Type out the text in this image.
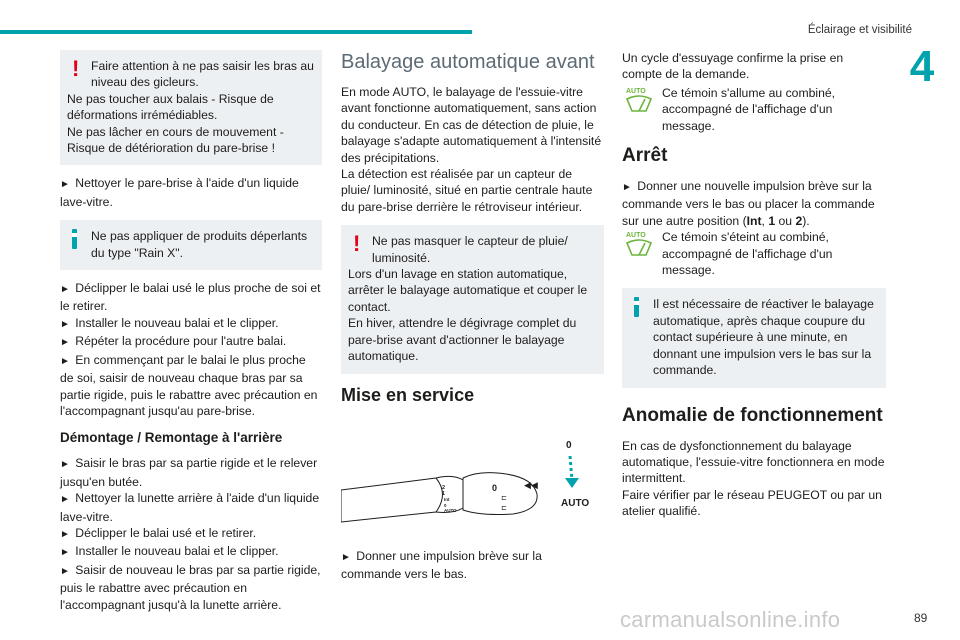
Éclairage et visibilité
4
! Faire attention à ne pas saisir les bras au niveau des gicleurs.

Ne pas toucher aux balais - Risque de déformations irrémédiables.

Ne pas lâcher en cours de mouvement - Risque de détérioration du pare-brise !

► Nettoyer le pare-brise à l'aide d'un liquide lave-vitre.

Ne pas appliquer de produits déperlants du type "Rain X".

► Déclipper le balai usé le plus proche de soi et le retirer.

► Installer le nouveau balai et le clipper.

► Répéter la procédure pour l'autre balai.

► En commençant par le balai le plus proche de soi, saisir de nouveau chaque bras par sa partie rigide, puis le rabattre avec précaution en l'accompagnant jusqu'au pare-brise.

Démontage / Remontage à l'arrière

► Saisir le bras par sa partie rigide et le relever jusqu'en butée.

► Nettoyer la lunette arrière à l'aide d'un liquide lave-vitre.

► Déclipper le balai usé et le retirer.

► Installer le nouveau balai et le clipper.

► Saisir de nouveau le bras par sa partie rigide, puis le rabattre avec précaution en l'accompagnant jusqu'à la lunette arrière.

Balayage automatique avant

En mode AUTO, le balayage de l'essuie-vitre avant fonctionne automatiquement, sans action du conducteur. En cas de détection de pluie, le balayage s'adapte automatiquement à l'intensité des précipitations.

La détection est réalisée par un capteur de pluie/ luminosité, situé en partie centrale haute du pare-brise derrière le rétroviseur intérieur.

! Ne pas masquer le capteur de pluie/ luminosité.

Lors d'un lavage en station automatique, arrêter le balayage automatique et couper le contact.

En hiver, attendre le dégivrage complet du pare-brise avant d'actionner le balayage automatique.

Mise en service
2
1
Int
0
AUTO
0	◀◀
⊏
⊏
0
AUTO

► Donner une impulsion brève sur la commande vers le bas.

Un cycle d'essuyage confirme la prise en compte de la demande.

AUTO Ce témoin s'allume au combiné, accompagné de l'affichage d'un message.

Arrêt

► Donner une nouvelle impulsion brève sur la commande vers le bas ou placer la commande sur une autre position (Int, 1 ou 2).

AUTO Ce témoin s'éteint au combiné, accompagné de l'affichage d'un message.

Il est nécessaire de réactiver le balayage automatique, après chaque coupure du contact supérieure à une minute, en donnant une impulsion vers le bas sur la commande.

Anomalie de fonctionnement

En cas de dysfonctionnement du balayage automatique, l'essuie-vitre fonctionnera en mode intermittent.

Faire vérifier par le réseau PEUGEOT ou par un atelier qualifié.

carmanualsonline.info	89
